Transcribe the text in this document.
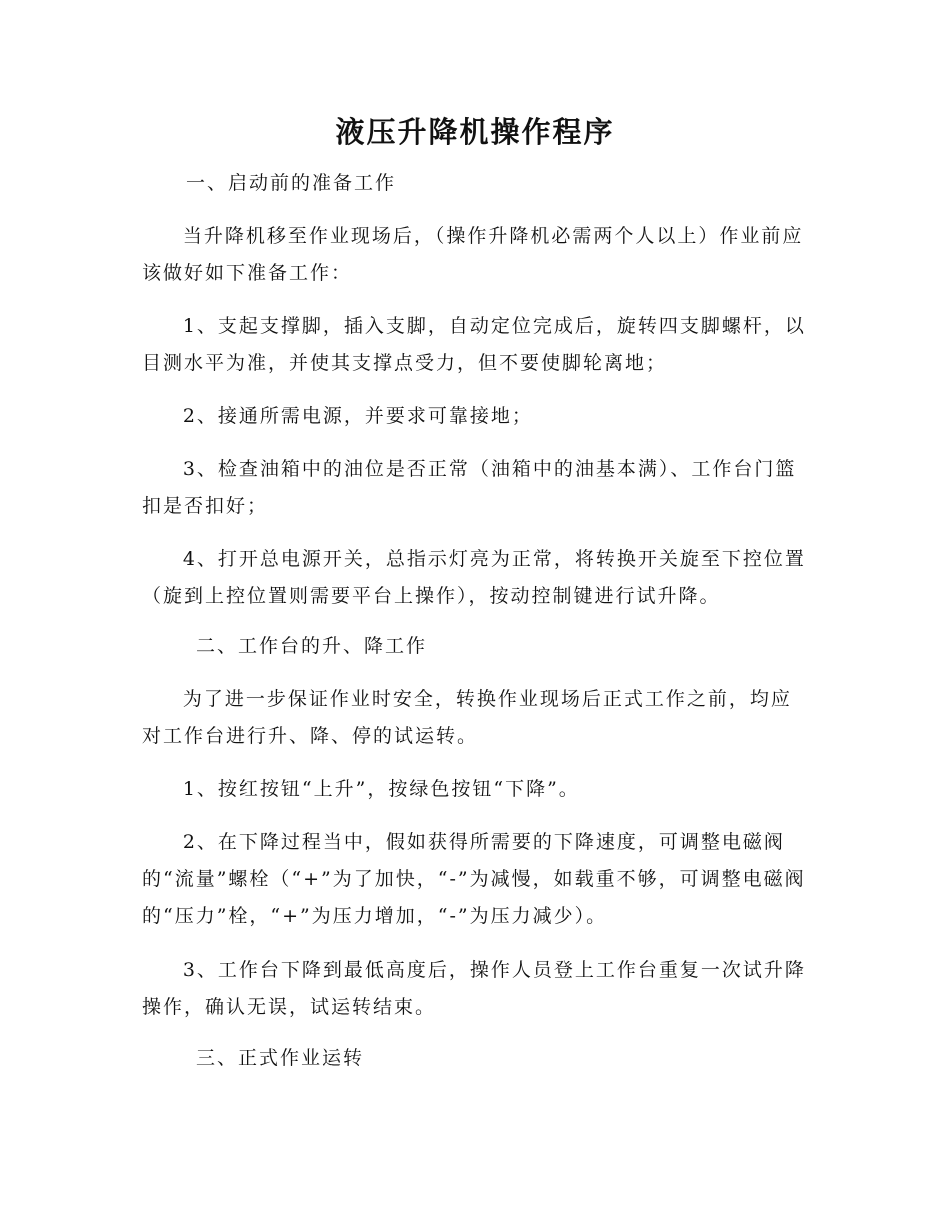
液压升降机操作程序
一、启动前的准备工作
当升降机移至作业现场后，（操作升降机必需两个人以上）作业前应该做好如下准备工作：
1、支起支撑脚，插入支脚，自动定位完成后，旋转四支脚螺杆，以目测水平为准，并使其支撑点受力，但不要使脚轮离地；
2、接通所需电源，并要求可靠接地；
3、检查油箱中的油位是否正常（油箱中的油基本满）、工作台门篮扣是否扣好；
4、打开总电源开关，总指示灯亮为正常，将转换开关旋至下控位置（旋到上控位置则需要平台上操作），按动控制键进行试升降。
二、工作台的升、降工作
为了进一步保证作业时安全，转换作业现场后正式工作之前，均应对工作台进行升、降、停的试运转。
1、按红按钮“上升”，按绿色按钮“下降”。
2、在下降过程当中，假如获得所需要的下降速度，可调整电磁阀的“流量”螺栓（“+”为了加快，“-”为减慢，如载重不够，可调整电磁阀的“压力”栓，“+”为压力增加，“-”为压力减少）。
3、工作台下降到最低高度后，操作人员登上工作台重复一次试升降操作，确认无误，试运转结束。
三、正式作业运转
